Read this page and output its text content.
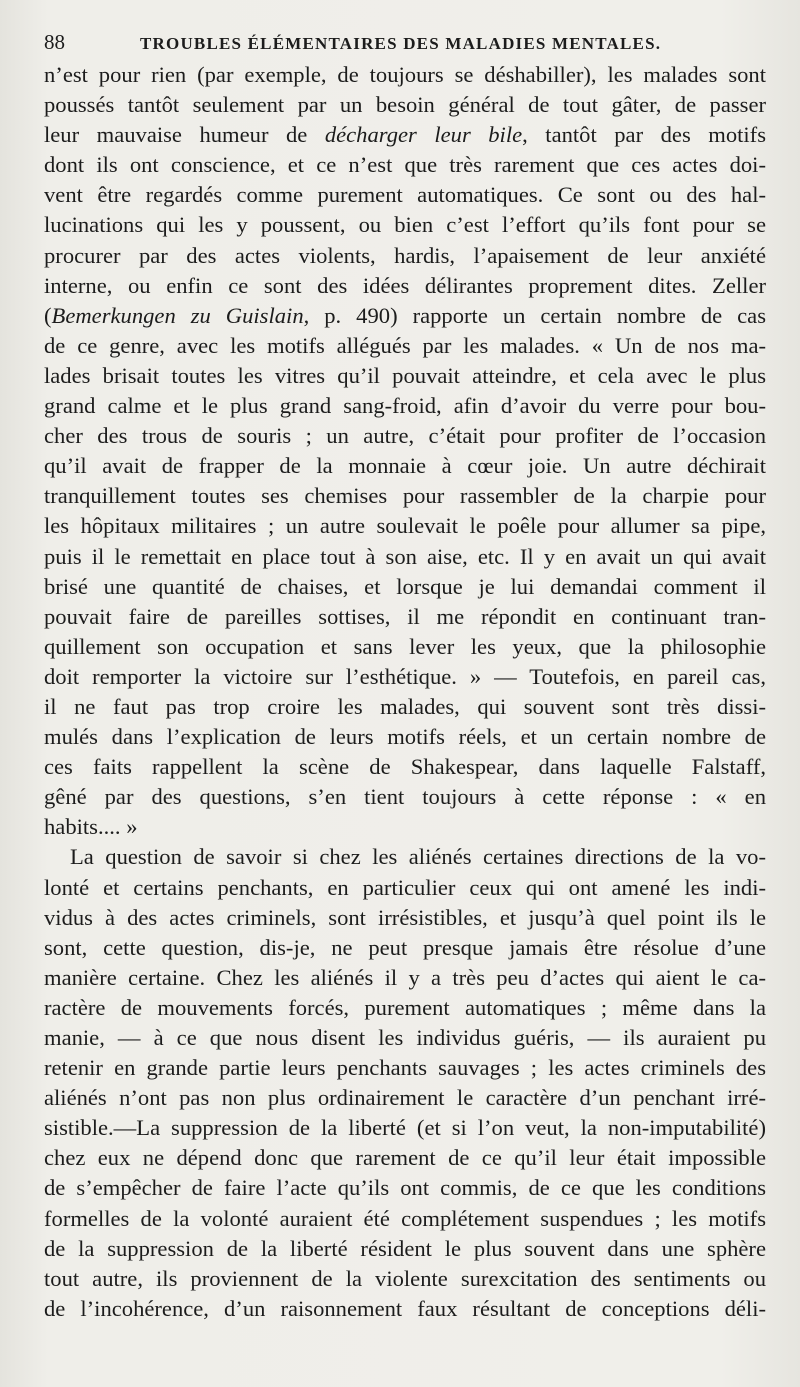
88	TROUBLES ÉLÉMENTAIRES DES MALADIES MENTALES.
n’est pour rien (par exemple, de toujours se déshabiller), les malades sont
poussés tantôt seulement par un besoin général de tout gâter, de passer
leur mauvaise humeur de décharger leur bile, tantôt par des motifs
dont ils ont conscience, et ce n’est que très rarement que ces actes doi-
vent être regardés comme purement automatiques. Ce sont ou des hal-
lucinations qui les y poussent, ou bien c’est l’effort qu’ils font pour se
procurer par des actes violents, hardis, l’apaisement de leur anxiété
interne, ou enfin ce sont des idées délirantes proprement dites. Zeller
(Bemerkungen zu Guislain, p. 490) rapporte un certain nombre de cas
de ce genre, avec les motifs allégués par les malades. « Un de nos ma-
lades brisait toutes les vitres qu’il pouvait atteindre, et cela avec le plus
grand calme et le plus grand sang-froid, afin d’avoir du verre pour bou-
cher des trous de souris ; un autre, c’était pour profiter de l’occasion
qu’il avait de frapper de la monnaie à cœur joie. Un autre déchirait
tranquillement toutes ses chemises pour rassembler de la charpie pour
les hôpitaux militaires ; un autre soulevait le poêle pour allumer sa pipe,
puis il le remettait en place tout à son aise, etc. Il y en avait un qui avait
brisé une quantité de chaises, et lorsque je lui demandai comment il
pouvait faire de pareilles sottises, il me répondit en continuant tran-
quillement son occupation et sans lever les yeux, que la philosophie
doit remporter la victoire sur l’esthétique. » — Toutefois, en pareil cas,
il ne faut pas trop croire les malades, qui souvent sont très dissi-
mulés dans l’explication de leurs motifs réels, et un certain nombre de
ces faits rappellent la scène de Shakespear, dans laquelle Falstaff,
gêné par des questions, s’en tient toujours à cette réponse : « en
habits.... »
La question de savoir si chez les aliénés certaines directions de la vo-
lonté et certains penchants, en particulier ceux qui ont amené les indi-
vidus à des actes criminels, sont irrésistibles, et jusqu’à quel point ils le
sont, cette question, dis-je, ne peut presque jamais être résolue d’une
manière certaine. Chez les aliénés il y a très peu d’actes qui aient le ca-
ractère de mouvements forcés, purement automatiques ; même dans la
manie, — à ce que nous disent les individus guéris, — ils auraient pu
retenir en grande partie leurs penchants sauvages ; les actes criminels des
aliénés n’ont pas non plus ordinairement le caractère d’un penchant irré-
sistible.—La suppression de la liberté (et si l’on veut, la non-imputabilité)
chez eux ne dépend donc que rarement de ce qu’il leur était impossible
de s’empêcher de faire l’acte qu’ils ont commis, de ce que les conditions
formelles de la volonté auraient été complétement suspendues ; les motifs
de la suppression de la liberté résident le plus souvent dans une sphère
tout autre, ils proviennent de la violente surexcitation des sentiments ou
de l’incohérence, d’un raisonnement faux résultant de conceptions déli-
